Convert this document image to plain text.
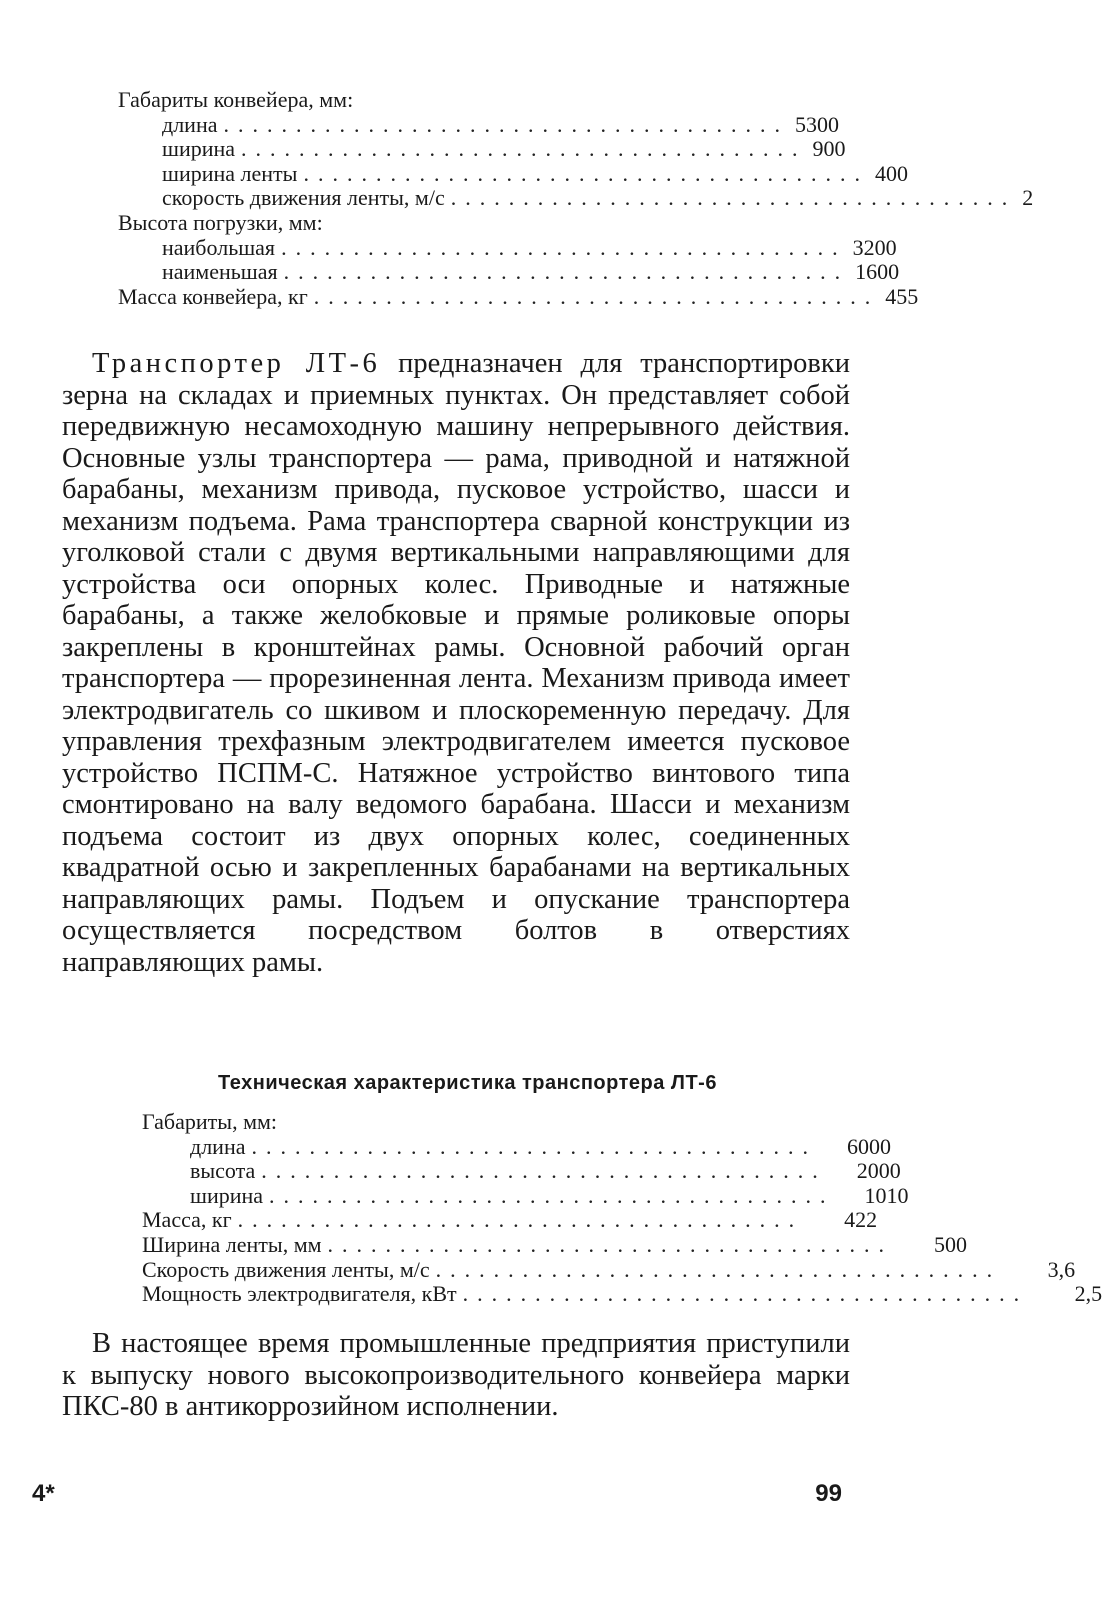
Габариты конвейера, мм:
длина ....................................... 5300
ширина ....................................... 900
ширина ленты ....................................... 400
скорость движения ленты, м/с ....................................... 2
Высота погрузки, мм:
наибольшая ....................................... 3200
наименьшая ....................................... 1600
Масса конвейера, кг ....................................... 455

Транспортер ЛТ-6 предназначен для транспортировки зерна на складах и приемных пунктах. Он представляет собой передвижную несамоходную машину непрерывного действия. Основные узлы транспортера — рама, приводной и натяжной барабаны, механизм привода, пусковое устройство, шасси и механизм подъема. Рама транспортера сварной конструкции из уголковой стали с двумя вертикальными направляющими для устройства оси опорных колес. Приводные и натяжные барабаны, а также желобковые и прямые роликовые опоры закреплены в кронштейнах рамы. Основной рабочий орган транспортера — прорезиненная лента. Механизм привода имеет электродвигатель со шкивом и плоскоременную передачу. Для управления трехфазным электродвигателем имеется пусковое устройство ПСПМ-С. Натяжное устройство винтового типа смонтировано на валу ведомого барабана. Шасси и механизм подъема состоит из двух опорных колес, соединенных квадратной осью и закрепленных барабанами на вертикальных направляющих рамы. Подъем и опускание транспортера осуществляется посредством болтов в отверстиях направляющих рамы.

Техническая характеристика транспортера ЛТ-6
Габариты, мм:
длина .......................................	6000
высота .......................................	2000
ширина .......................................	1010
Масса, кг .......................................	422
Ширина ленты, мм .......................................	500
Скорость движения ленты, м/с .......................................	3,6
Мощность электродвигателя, кВт .......................................	2,5

В настоящее время промышленные предприятия приступили к выпуску нового высокопроизводительного конвейера марки ПКС-80 в антикоррозийном исполнении.

4*	99
